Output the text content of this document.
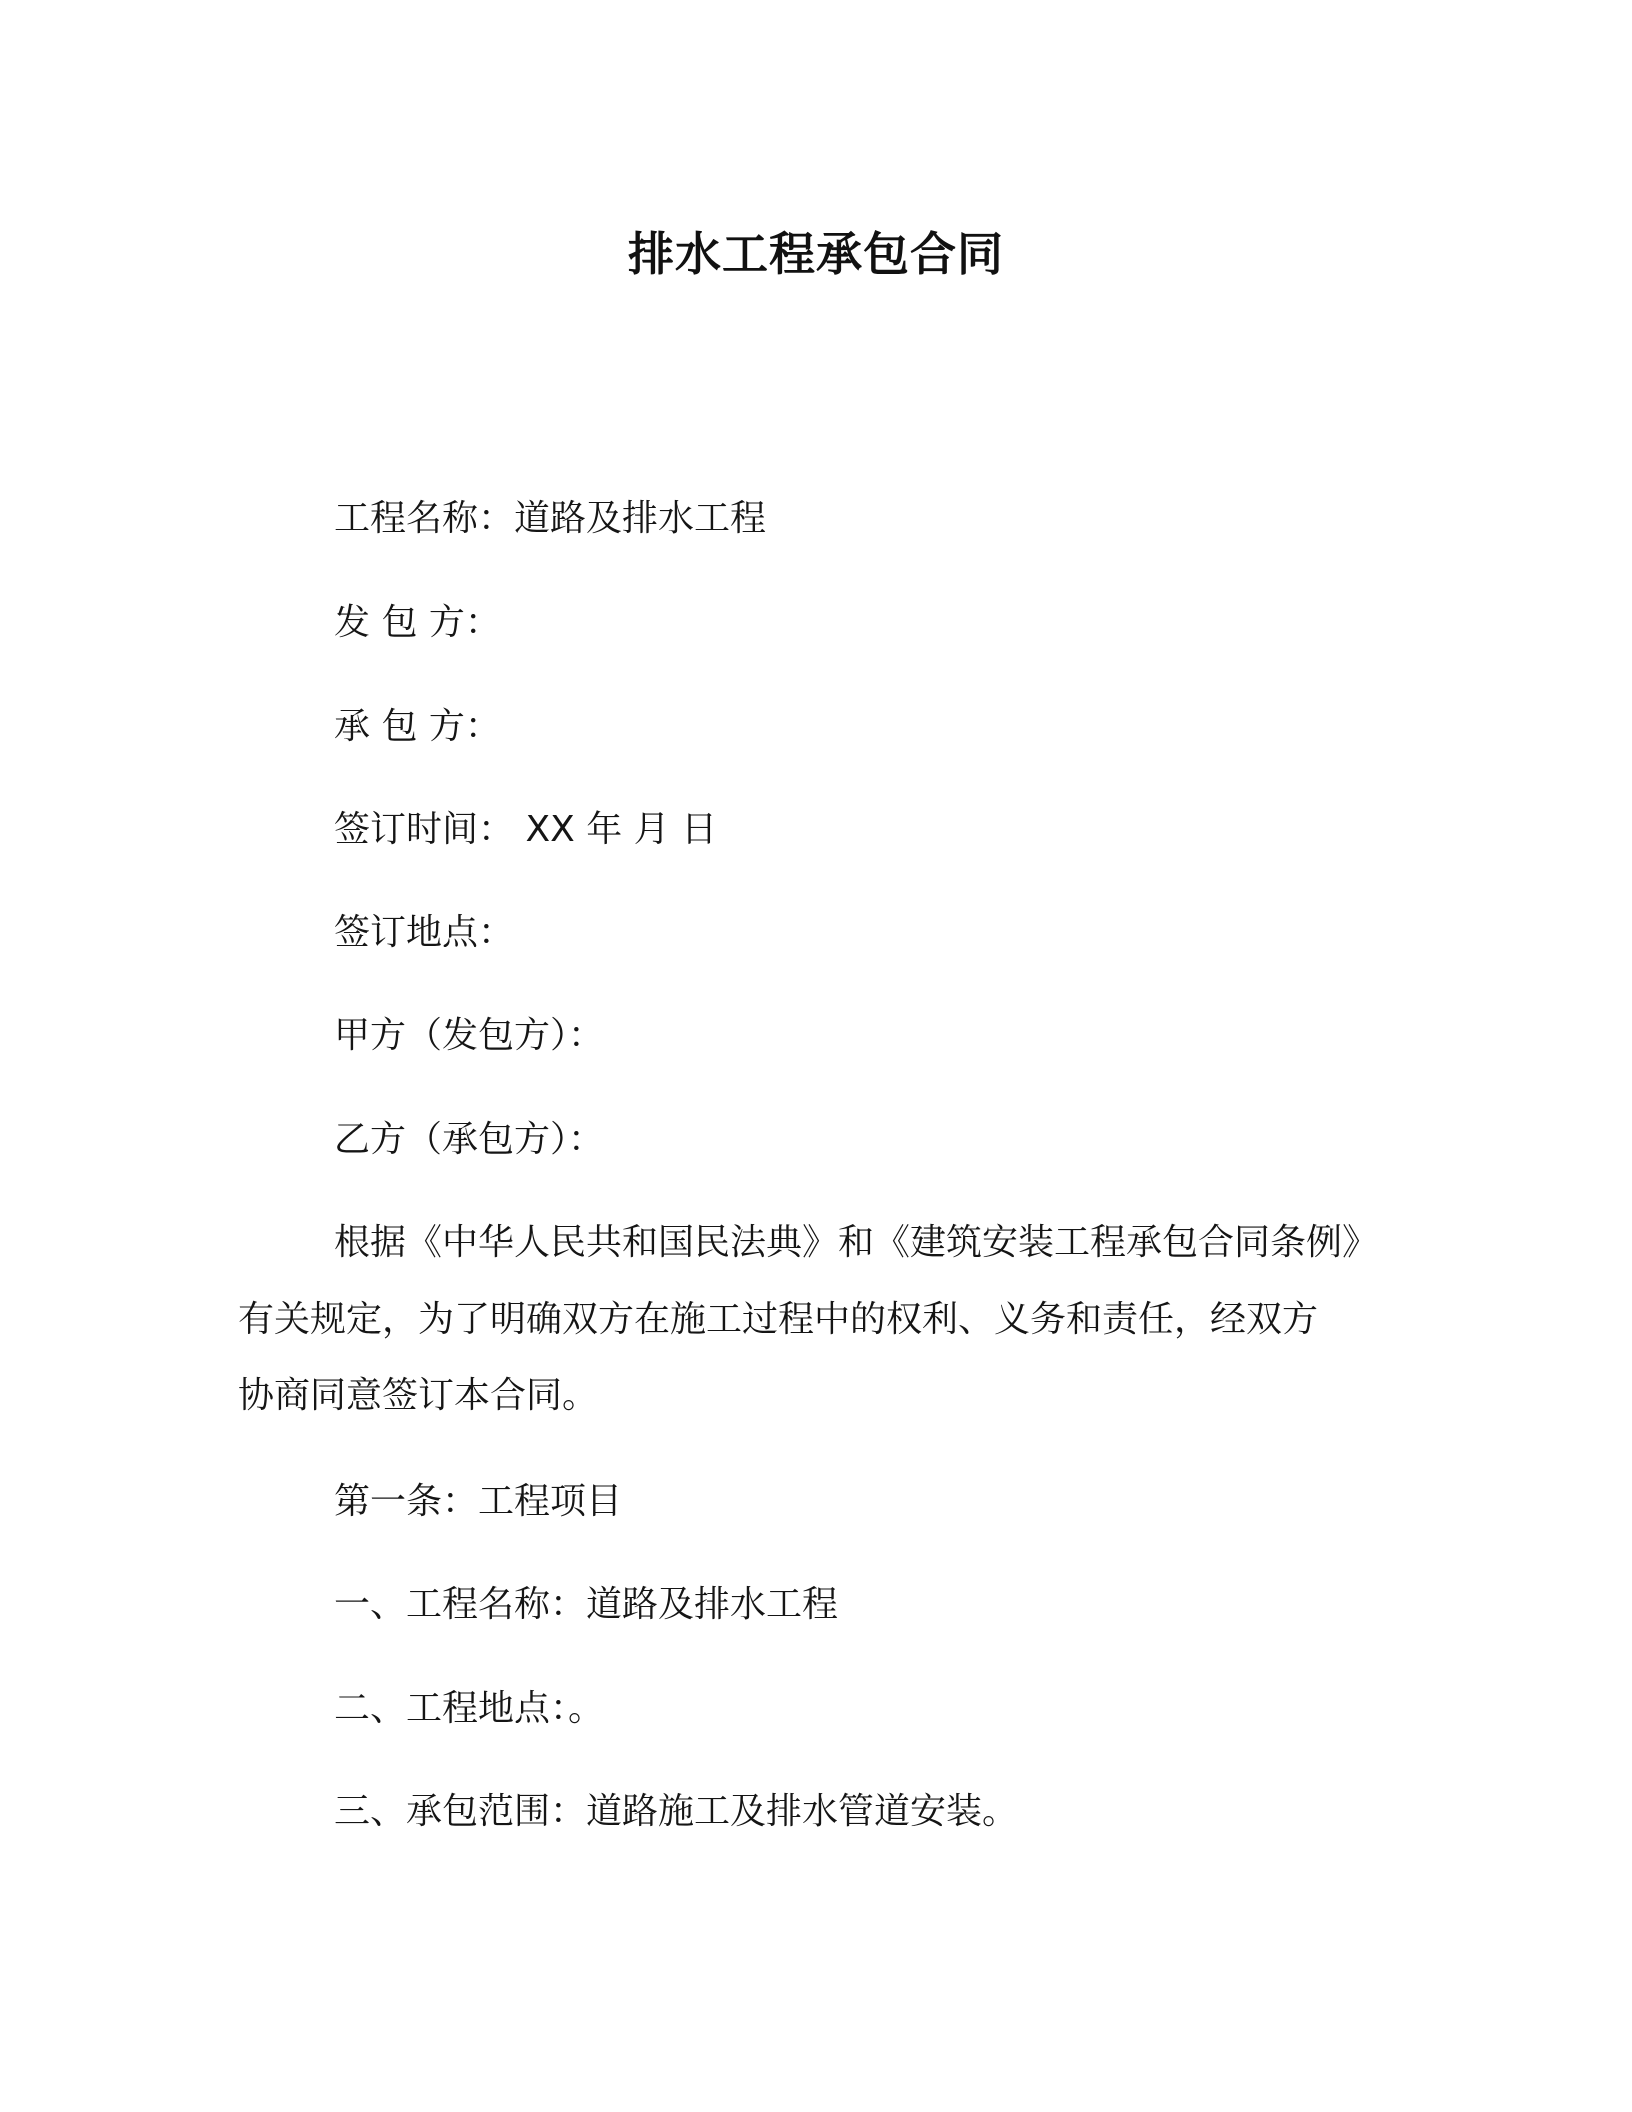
排水工程承包合同
工程名称：道路及排水工程
发 包 方：
承 包 方：
签订时间： XX 年 月 日
签订地点：
甲方（发包方）：
乙方（承包方）：
根据《中华人民共和国民法典》和《建筑安装工程承包合同条例》
有关规定，为了明确双方在施工过程中的权利、义务和责任，经双方
协商同意签订本合同。
第一条：工程项目
一、工程名称：道路及排水工程
二、工程地点：。
三、承包范围：道路施工及排水管道安装。
